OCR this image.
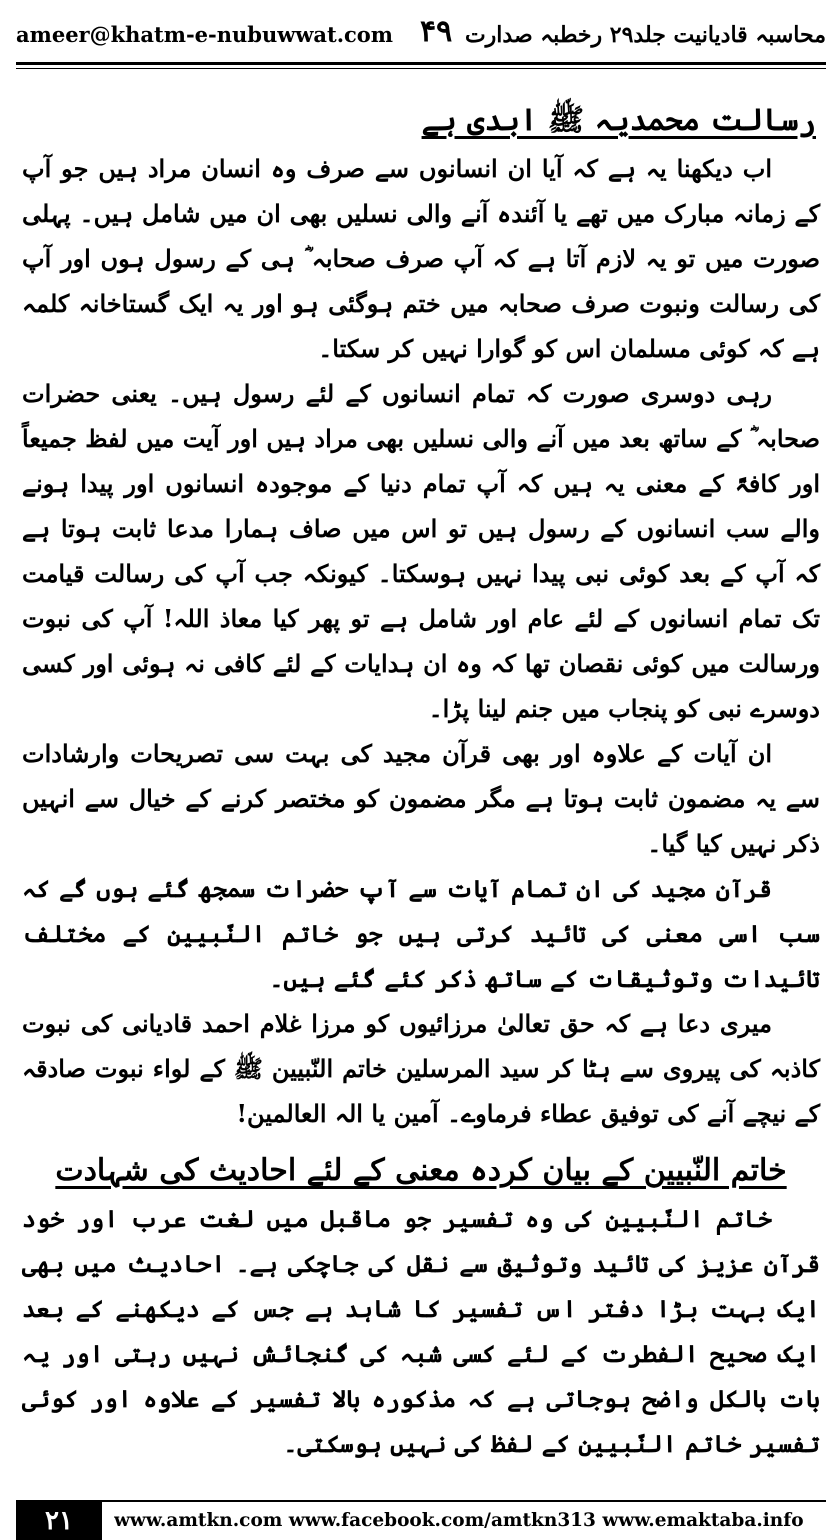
ameer@khatm-e-nubuwwat.com ۴۹ محاسبہ قادیانیت جلد۲۹ رخطبہ صدارت
رسالت محمدیہ ﷺ ابدی ہے

اب دیکھنا یہ ہے کہ آیا ان انسانوں سے صرف وہ انسان مراد ہیں جو آپ کے زمانہ مبارک میں تھے یا آئندہ آنے والی نسلیں بھی ان میں شامل ہیں۔ پہلی صورت میں تو یہ لازم آتا ہے کہ آپ صرف صحابہ ؓ ہی کے رسول ہوں اور آپ کی رسالت ونبوت صرف صحابہ میں ختم ہوگئی ہو اور یہ ایک گستاخانہ کلمہ ہے کہ کوئی مسلمان اس کو گوارا نہیں کر سکتا۔

رہی دوسری صورت کہ تمام انسانوں کے لئے رسول ہیں۔ یعنی حضرات صحابہ ؓ کے ساتھ بعد میں آنے والی نسلیں بھی مراد ہیں اور آیت میں لفظ جمیعاً اور کافۃً کے معنی یہ ہیں کہ آپ تمام دنیا کے موجودہ انسانوں اور پیدا ہونے والے سب انسانوں کے رسول ہیں تو اس میں صاف ہمارا مدعا ثابت ہوتا ہے کہ آپ کے بعد کوئی نبی پیدا نہیں ہوسکتا۔ کیونکہ جب آپ کی رسالت قیامت تک تمام انسانوں کے لئے عام اور شامل ہے تو پھر کیا معاذ اللہ! آپ کی نبوت ورسالت میں کوئی نقصان تھا کہ وہ ان ہدایات کے لئے کافی نہ ہوئی اور کسی دوسرے نبی کو پنجاب میں جنم لینا پڑا۔

ان آیات کے علاوہ اور بھی قرآن مجید کی بہت سی تصریحات وارشادات سے یہ مضمون ثابت ہوتا ہے مگر مضمون کو مختصر کرنے کے خیال سے انہیں ذکر نہیں کیا گیا۔

قرآن مجید کی ان تمام آیات سے آپ حضرات سمجھ گئے ہوں گے کہ سب اسی معنی کی تائید کرتی ہیں جو خاتم النّبیین کے مختلف تائیدات وتوثیقات کے ساتھ ذکر کئے گئے ہیں۔

میری دعا ہے کہ حق تعالیٰ مرزائیوں کو مرزا غلام احمد قادیانی کی نبوت کاذبہ کی پیروی سے ہٹا کر سید المرسلین خاتم النّبیین ﷺ کے لواء نبوت صادقہ کے نیچے آنے کی توفیق عطاء فرماوے۔ آمین یا الہ العالمین!

خاتم النّبیین کے بیان کردہ معنی کے لئے احادیث کی شہادت

خاتم النّبیین کی وہ تفسیر جو ماقبل میں لغت عرب اور خود قرآن عزیز کی تائید وتوثیق سے نقل کی جاچکی ہے۔ احادیث میں بھی ایک بہت بڑا دفتر اس تفسیر کا شاہد ہے جس کے دیکھنے کے بعد ایک صحیح الفطرت کے لئے کسی شبہ کی گنجائش نہیں رہتی اور یہ بات بالکل واضح ہوجاتی ہے کہ مذکورہ بالا تفسیر کے علاوہ اور کوئی تفسیر خاتم النّبیین کے لفظ کی نہیں ہوسکتی۔

۲۱	www.amtkn.com www.facebook.com/amtkn313 www.emaktaba.info
